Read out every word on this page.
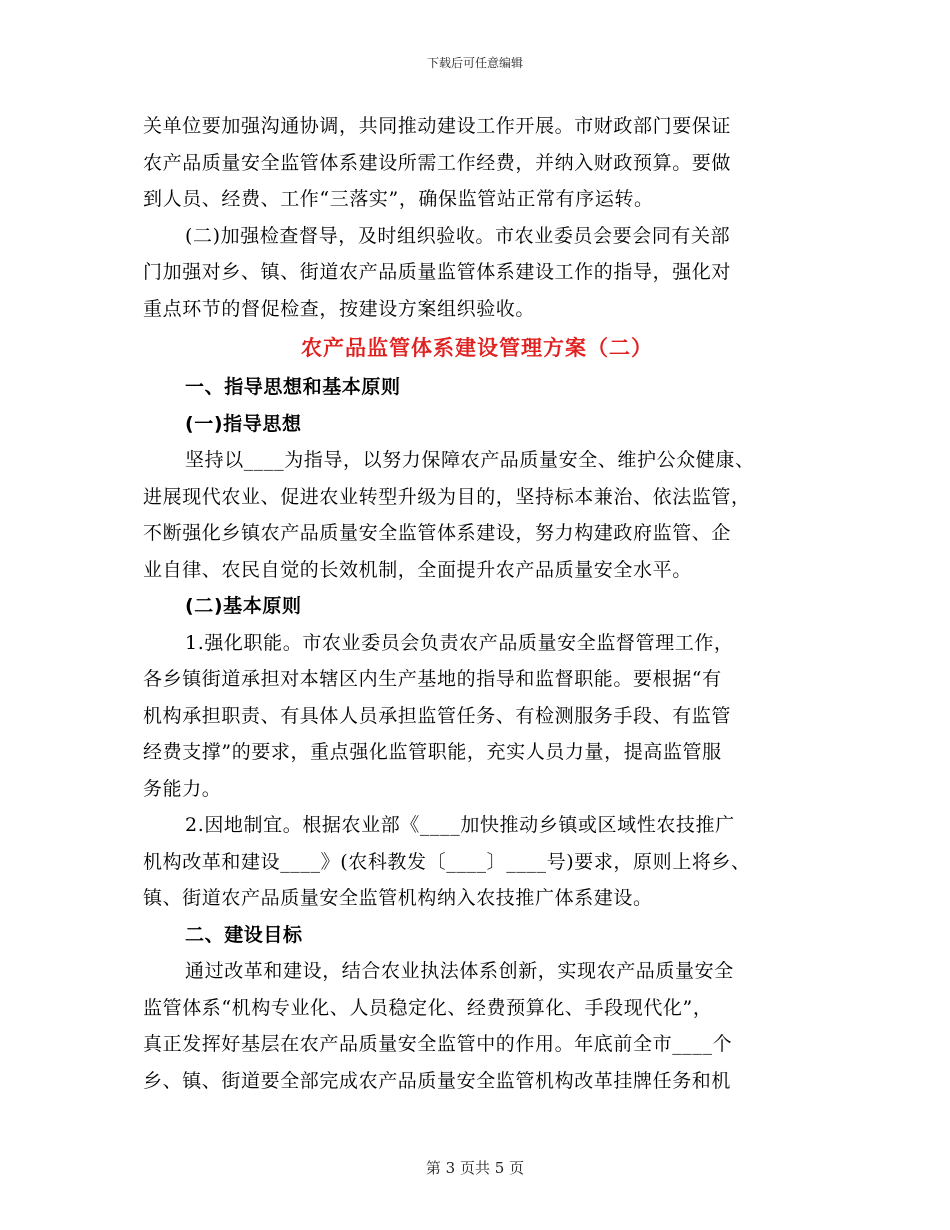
下载后可任意编辑
关单位要加强沟通协调，共同推动建设工作开展。市财政部门要保证
农产品质量安全监管体系建设所需工作经费，并纳入财政预算。要做
到人员、经费、工作“三落实”，确保监管站正常有序运转。
(二)加强检查督导，及时组织验收。市农业委员会要会同有关部
门加强对乡、镇、街道农产品质量监管体系建设工作的指导，强化对
重点环节的督促检查，按建设方案组织验收。
农产品监管体系建设管理方案（二）
一、指导思想和基本原则
(一)指导思想
坚持以____为指导，以努力保障农产品质量安全、维护公众健康、
进展现代农业、促进农业转型升级为目的，坚持标本兼治、依法监管，
不断强化乡镇农产品质量安全监管体系建设，努力构建政府监管、企
业自律、农民自觉的长效机制，全面提升农产品质量安全水平。
(二)基本原则
1.强化职能。市农业委员会负责农产品质量安全监督管理工作，
各乡镇街道承担对本辖区内生产基地的指导和监督职能。要根据“有
机构承担职责、有具体人员承担监管任务、有检测服务手段、有监管
经费支撑”的要求，重点强化监管职能，充实人员力量，提高监管服
务能力。
2.因地制宜。根据农业部《____加快推动乡镇或区域性农技推广
机构改革和建设____》(农科教发〔____〕____号)要求，原则上将乡、
镇、街道农产品质量安全监管机构纳入农技推广体系建设。
二、建设目标
通过改革和建设，结合农业执法体系创新，实现农产品质量安全
监管体系“机构专业化、人员稳定化、经费预算化、手段现代化”，
真正发挥好基层在农产品质量安全监管中的作用。年底前全市____个
乡、镇、街道要全部完成农产品质量安全监管机构改革挂牌任务和机
第 3 页共 5 页
